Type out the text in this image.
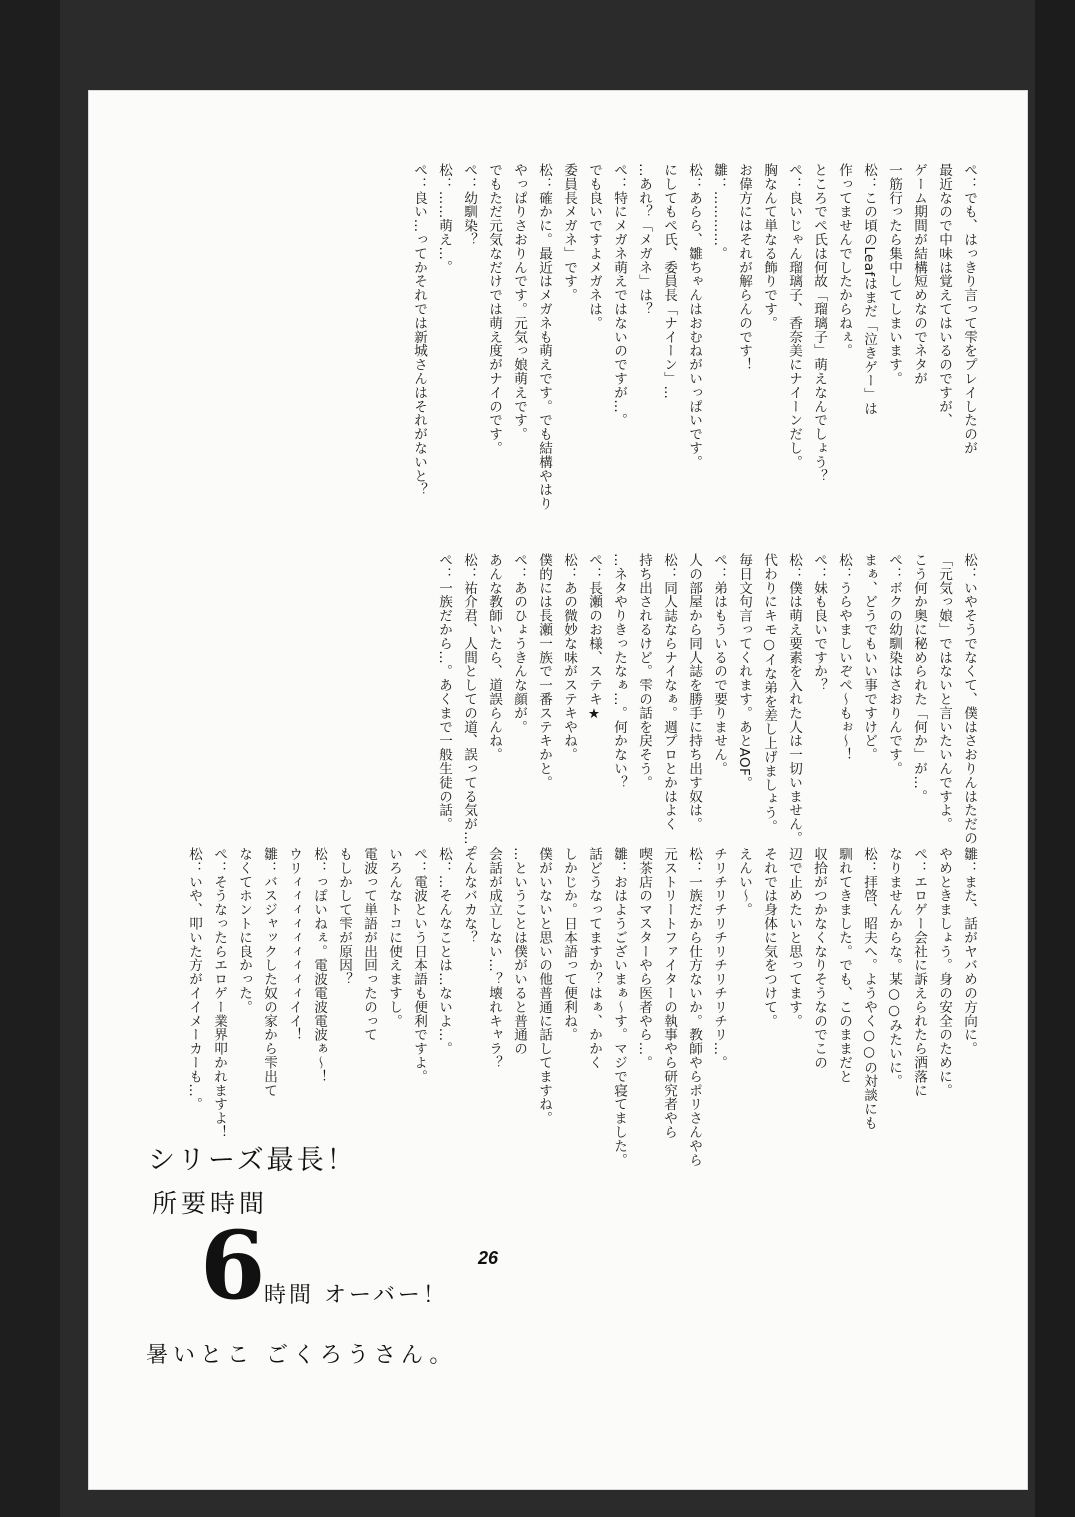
ぺ：でも、はっきり言って雫をプレイしたのが
最近なので中味は覚えてはいるのですが、
ゲーム期間が結構短めなのでネタが
一筋行ったら集中してしまいます。
松：この頃のLeafはまだ「泣きゲー」は
作ってませんでしたからねぇ。
ところでぺ氏は何故「瑠璃子」萌えなんでしょう？
ぺ：良いじゃん瑠璃子、香奈美にナイーンだし。
胸なんて単なる飾りです。
お偉方にはそれが解らんのです！
雛：…………。
松：あらら、雛ちゃんはおむねがいっぱいです。
にしてもぺ氏、委員長「ナイーン」…
…あれ？「メガネ」は？
ぺ：特にメガネ萌えではないのですが…。
でも良いですよメガネは。
委員長メガネ」です。
松：確かに。最近はメガネも萌えです。でも結構やはり
やっぱりさおりんです。元気っ娘萌えです。
でもただ元気なだけでは萌え度がナイのです。
ぺ：幼馴染？
松：……萌え…。
ぺ：良い…ってかそれでは新城さんはそれがないと？
松：いやそうでなくて、僕はさおりんはただの
「元気っ娘」ではないと言いたいんですよ。
こう何か奥に秘められた「何か」が…。
ぺ：ボクの幼馴染はさおりんです。
まぁ、どうでもいい事ですけど。
松：うらやましいぞぺ～もぉ～！
ぺ：妹も良いですか？
松：僕は萌え要素を入れた人は一切いません。
代わりにキモ○イな弟を差し上げましょう。
毎日文句言ってくれます。あとAOF。
ぺ：弟はもういるので要りません。
人の部屋から同人誌を勝手に持ち出す奴は。
松：同人誌ならナイなぁ。週プロとかはよく
持ち出されるけど。雫の話を戻そう。
…ネタやりきったなぁ…。何かない？
ぺ：長瀬のお様、ステキ★
松：あの微妙な味がステキやね。
僕的には長瀬一族で一番ステキかと。
ぺ：あのひょうきんな顔が。
あんな教師いたら、道誤らんね。
松：祐介君、人間としての道、誤ってる気が…。
ぺ：一族だから…。あくまで一般生徒の話。
雛：また、話がヤバめの方向に。
やめときましょう。身の安全のために。
ぺ：エロゲー会社に訴えられたら洒落に
なりませんからな。某○○みたいに。
松：拝啓、昭夫へ。ようやく○○の対談にも
馴れてきました。でも、このままだと
収拾がつかなくなりそうなのでこの
辺で止めたいと思ってます。
それでは身体に気をつけて。
えんい～。
チリチリチリチリチリチリチリ…。
松：一族だから仕方ないか。教師やらポリさんやら
元ストリートファイターの執事やら研究者やら
喫茶店のマスターやら医者やら…。
雛：おはようございまぁ～す。マジで寝てました。
話どうなってますか？はぁ、かかく
しかじか。日本語って便利ね。
僕がいないと思いの他普通に話してますね。
…ということは僕がいると普通の
会話が成立しない…？壊れキャラ？
そんなバカな？
松：…そんなことは…ないよ…。
ぺ：電波という日本語も便利ですよ。
いろんなトコに使えますし。
電波って単語が出回ったのって
もしかして雫が原因？
松：っぽいねぇ。電波電波電波ぁ～！
ウリィィィィィィィィィイイ！
雛：バスジャックした奴の家から雫出て
なくてホントに良かった。
ぺ：そうなったらエロゲー業界叩かれますよ！
松：いや、叩いた方がイイメーカーも…。
シリーズ最長！
所要時間
6
時間 オーバー！
暑いとこ ごくろうさん。
26
